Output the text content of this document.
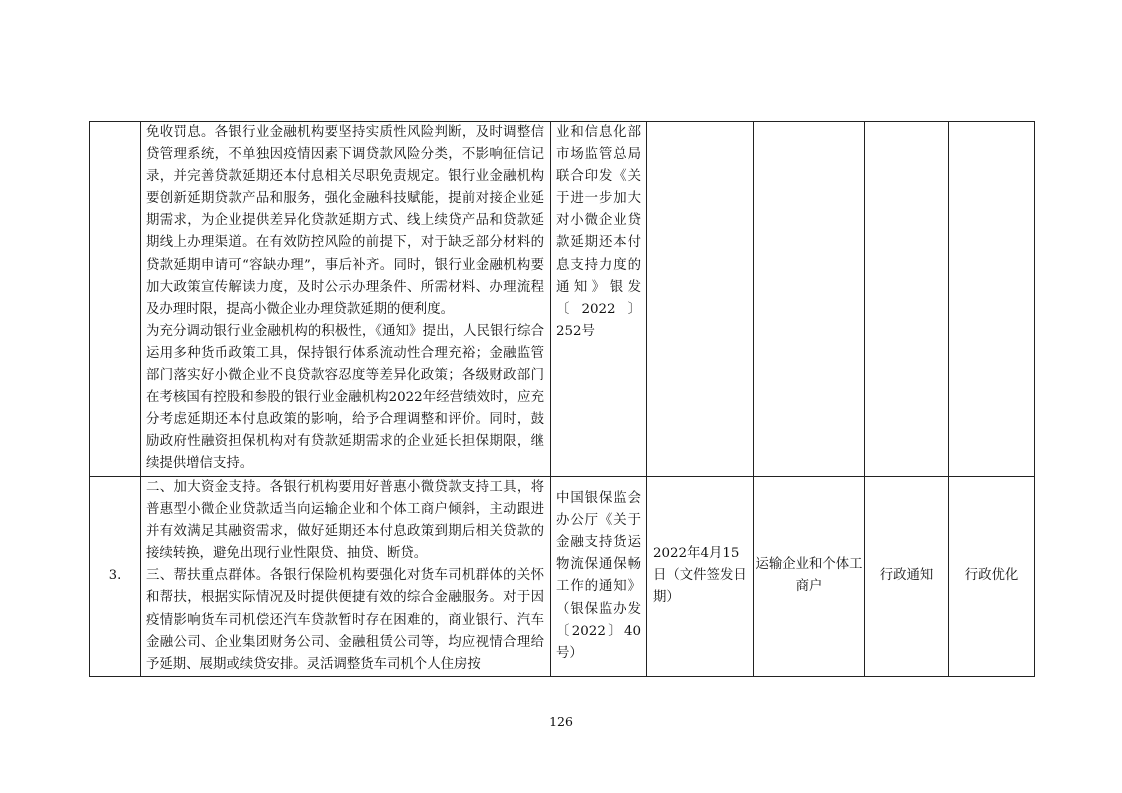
	免收罚息。各银行业金融机构要坚持实质性风险判断，及时调整信贷管理系统，不单独因疫情因素下调贷款风险分类，不影响征信记录，并完善贷款延期还本付息相关尽职免责规定。银行业金融机构要创新延期贷款产品和服务，强化金融科技赋能，提前对接企业延期需求，为企业提供差异化贷款延期方式、线上续贷产品和贷款延期线上办理渠道。在有效防控风险的前提下，对于缺乏部分材料的贷款延期申请可“容缺办理”，事后补齐。同时，银行业金融机构要加大政策宣传解读力度，及时公示办理条件、所需材料、办理流程及办理时限，提高小微企业办理贷款延期的便利度。

为充分调动银行业金融机构的积极性，《通知》提出，人民银行综合运用多种货币政策工具，保持银行体系流动性合理充裕；金融监管部门落实好小微企业不良贷款容忍度等差异化政策；各级财政部门在考核国有控股和参股的银行业金融机构2022年经营绩效时，应充分考虑延期还本付息政策的影响，给予合理调整和评价。同时，鼓励政府性融资担保机构对有贷款延期需求的企业延长担保期限，继续提供增信支持。	业和信息化部市场监管总局联合印发《关于进一步加大对小微企业贷款延期还本付息支持力度的通知》银发〔2022〕252号				
3.	二、加大资金支持。各银行机构要用好普惠小微贷款支持工具，将普惠型小微企业贷款适当向运输企业和个体工商户倾斜，主动跟进并有效满足其融资需求，做好延期还本付息政策到期后相关贷款的接续转换，避免出现行业性限贷、抽贷、断贷。

三、帮扶重点群体。各银行保险机构要强化对货车司机群体的关怀和帮扶，根据实际情况及时提供便捷有效的综合金融服务。对于因疫情影响货车司机偿还汽车贷款暂时存在困难的，商业银行、汽车金融公司、企业集团财务公司、金融租赁公司等，均应视情合理给予延期、展期或续贷安排。灵活调整货车司机个人住房按	中国银保监会办公厅《关于金融支持货运物流保通保畅工作的通知》（银保监办发〔2022〕40号）	2022年4月15日（文件签发日期）	运输企业和个体工商户	行政通知	行政优化
126
